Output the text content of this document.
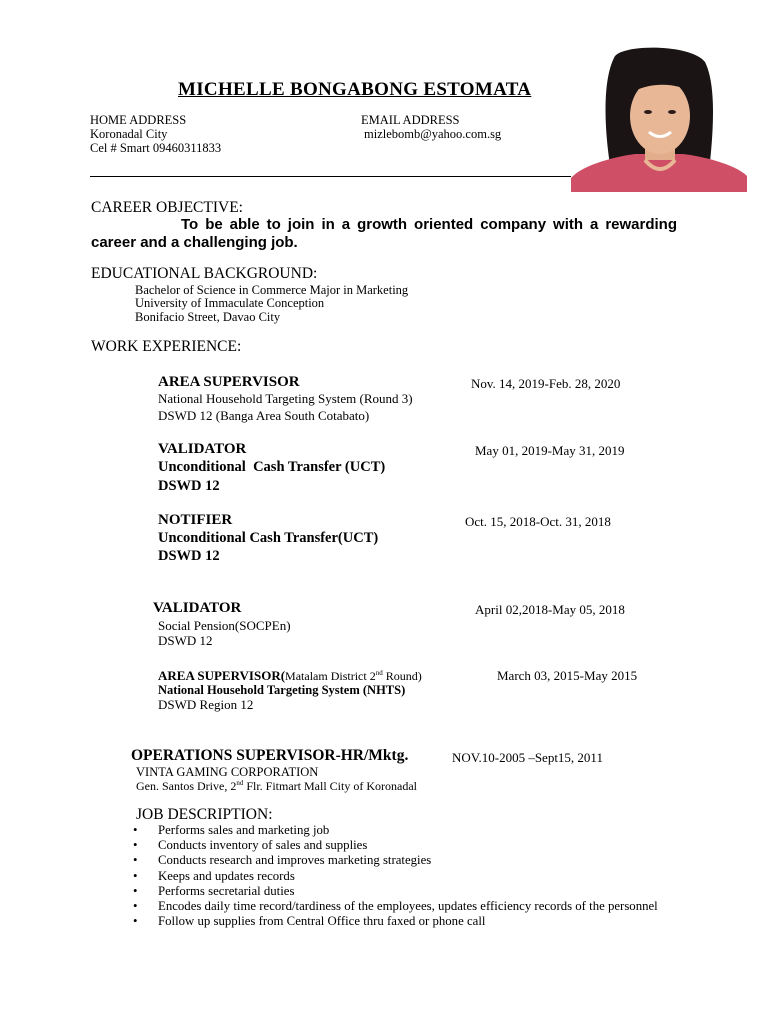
MICHELLE BONGABONG ESTOMATA
HOME ADDRESS
Koronadal City
Cel # Smart 09460311833
EMAIL ADDRESS
mizlebomb@yahoo.com.sg
CAREER OBJECTIVE:
To be able to join in a growth oriented company with a rewarding career and a challenging job.
EDUCATIONAL BACKGROUND:
Bachelor of Science in Commerce Major in Marketing
University of Immaculate Conception
Bonifacio Street, Davao City
WORK EXPERIENCE:
AREA SUPERVISOR	Nov. 14, 2019-Feb. 28, 2020
National Household Targeting System (Round 3)
DSWD 12 (Banga Area South Cotabato)
VALIDATOR	May 01, 2019-May 31, 2019
Unconditional  Cash Transfer (UCT)
DSWD 12
NOTIFIER	Oct. 15, 2018-Oct. 31, 2018
Unconditional Cash Transfer(UCT)
DSWD 12
VALIDATOR	April 02,2018-May 05, 2018
Social Pension(SOCPEn)
DSWD 12
AREA SUPERVISOR(Matalam District 2nd Round)	March 03, 2015-May 2015
National Household Targeting System (NHTS)
DSWD Region 12
OPERATIONS SUPERVISOR-HR/Mktg.	NOV.10-2005 –Sept15, 2011
VINTA GAMING CORPORATION
Gen. Santos Drive, 2nd Flr. Fitmart Mall City of Koronadal
JOB DESCRIPTION:
• Performs sales and marketing job
• Conducts inventory of sales and supplies
• Conducts research and improves marketing strategies
• Keeps and updates records
• Performs secretarial duties
• Encodes daily time record/tardiness of the employees, updates efficiency records of the personnel
• Follow up supplies from Central Office thru faxed or phone call
